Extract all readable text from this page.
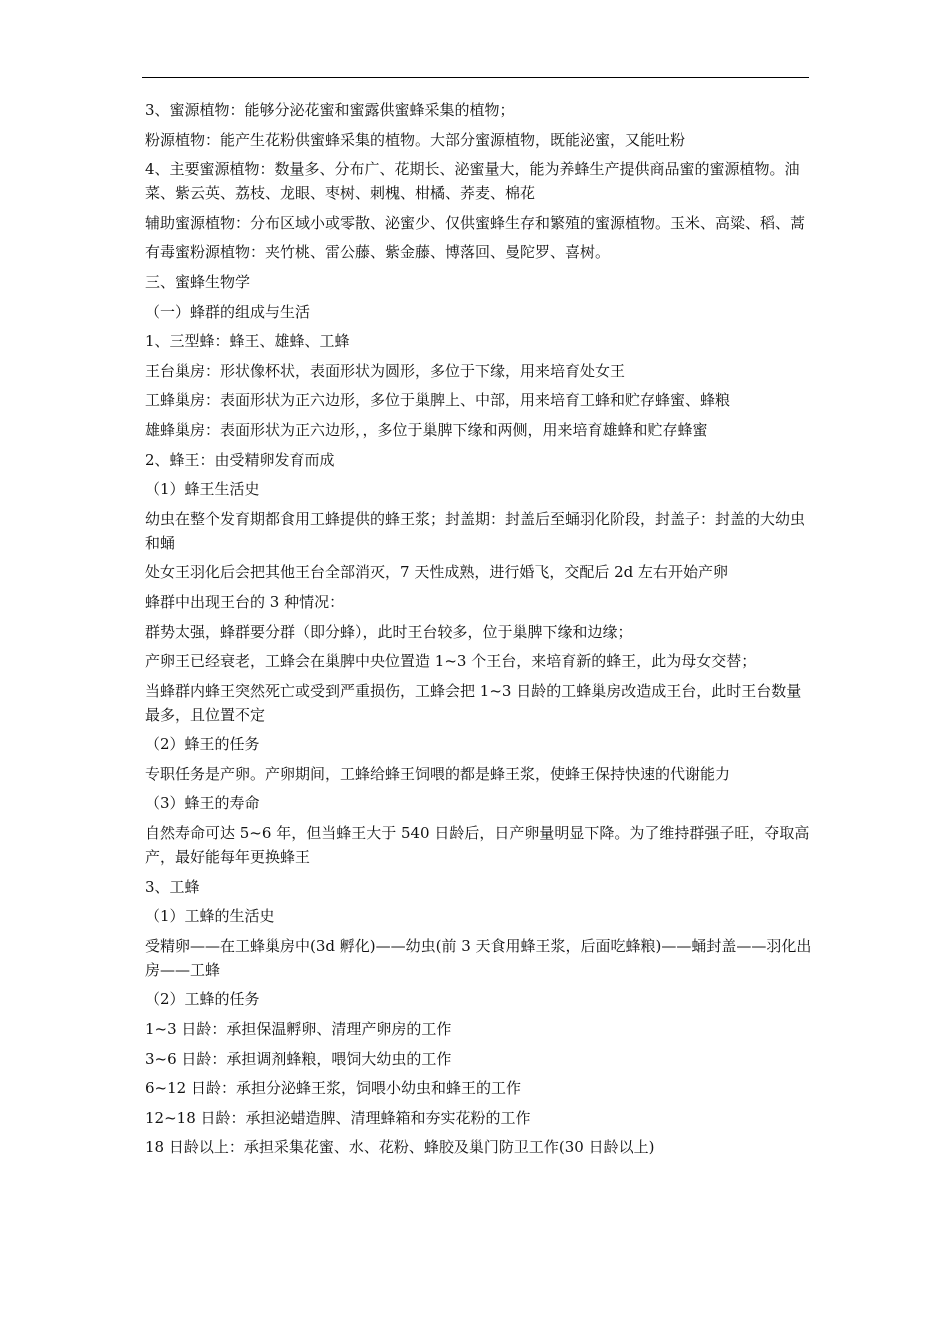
3、蜜源植物：能够分泌花蜜和蜜露供蜜蜂采集的植物；

粉源植物：能产生花粉供蜜蜂采集的植物。大部分蜜源植物，既能泌蜜，又能吐粉

4、主要蜜源植物：数量多、分布广、花期长、泌蜜量大，能为养蜂生产提供商品蜜的蜜源植物。油菜、紫云英、荔枝、龙眼、枣树、刺槐、柑橘、荞麦、棉花

辅助蜜源植物：分布区域小或零散、泌蜜少、仅供蜜蜂生存和繁殖的蜜源植物。玉米、高粱、稻、蒿

有毒蜜粉源植物：夹竹桃、雷公藤、紫金藤、博落回、曼陀罗、喜树。

三、蜜蜂生物学

（一）蜂群的组成与生活

1、三型蜂：蜂王、雄蜂、工蜂

王台巢房：形状像杯状，表面形状为圆形，多位于下缘，用来培育处女王

工蜂巢房：表面形状为正六边形，多位于巢脾上、中部，用来培育工蜂和贮存蜂蜜、蜂粮

雄蜂巢房：表面形状为正六边形，，多位于巢脾下缘和两侧，用来培育雄蜂和贮存蜂蜜

2、蜂王：由受精卵发育而成

（1）蜂王生活史

幼虫在整个发育期都食用工蜂提供的蜂王浆；封盖期：封盖后至蛹羽化阶段，封盖子：封盖的大幼虫和蛹

处女王羽化后会把其他王台全部消灭，7 天性成熟，进行婚飞，交配后 2d 左右开始产卵

蜂群中出现王台的 3 种情况：

群势太强，蜂群要分群（即分蜂），此时王台较多，位于巢脾下缘和边缘；

产卵王已经衰老，工蜂会在巢脾中央位置造 1~3 个王台，来培育新的蜂王，此为母女交替；

当蜂群内蜂王突然死亡或受到严重损伤，工蜂会把 1~3 日龄的工蜂巢房改造成王台，此时王台数量最多，且位置不定

（2）蜂王的任务

专职任务是产卵。产卵期间，工蜂给蜂王饲喂的都是蜂王浆，使蜂王保持快速的代谢能力

（3）蜂王的寿命

自然寿命可达 5~6 年，但当蜂王大于 540 日龄后，日产卵量明显下降。为了维持群强子旺，夺取高产，最好能每年更换蜂王

3、工蜂

（1）工蜂的生活史

受精卵——在工蜂巢房中(3d 孵化)——幼虫(前 3 天食用蜂王浆，后面吃蜂粮)——蛹封盖——羽化出房——工蜂

（2）工蜂的任务

1~3 日龄：承担保温孵卵、清理产卵房的工作

3~6 日龄：承担调剂蜂粮，喂饲大幼虫的工作

6~12 日龄：承担分泌蜂王浆，饲喂小幼虫和蜂王的工作

12~18 日龄：承担泌蜡造脾、清理蜂箱和夯实花粉的工作

18 日龄以上：承担采集花蜜、水、花粉、蜂胶及巢门防卫工作(30 日龄以上)
